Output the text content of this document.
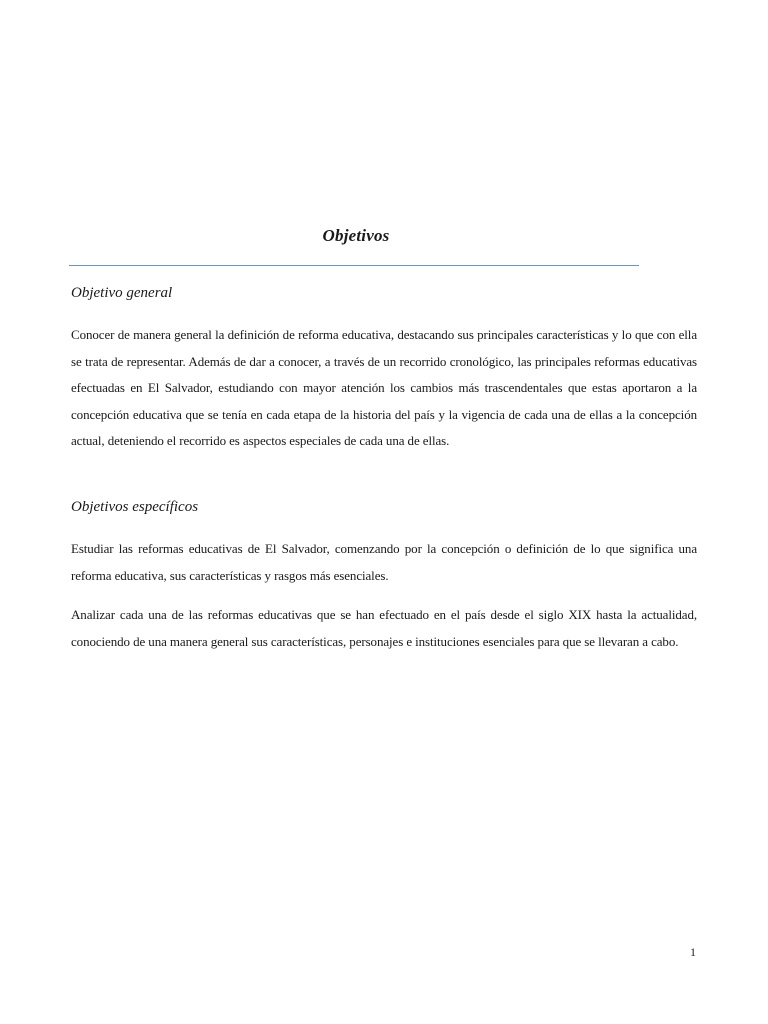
Objetivos
Objetivo general
Conocer de manera general la definición de reforma educativa, destacando sus principales características y lo que con ella se trata de representar. Además de dar a conocer, a través de un recorrido cronológico, las principales reformas educativas efectuadas en El Salvador, estudiando con mayor atención los cambios más trascendentales que estas aportaron a la concepción educativa que se tenía en cada etapa de la historia del país y la vigencia de cada una de ellas a la concepción actual, deteniendo el recorrido es aspectos especiales de cada una de ellas.
Objetivos específicos
Estudiar las reformas educativas de El Salvador, comenzando por la concepción o definición de lo que significa una reforma educativa, sus características y rasgos más esenciales.
Analizar cada una de las reformas educativas que se han efectuado en el país desde el siglo XIX hasta la actualidad, conociendo de una manera general sus características, personajes e instituciones esenciales para que se llevaran a cabo.
1
